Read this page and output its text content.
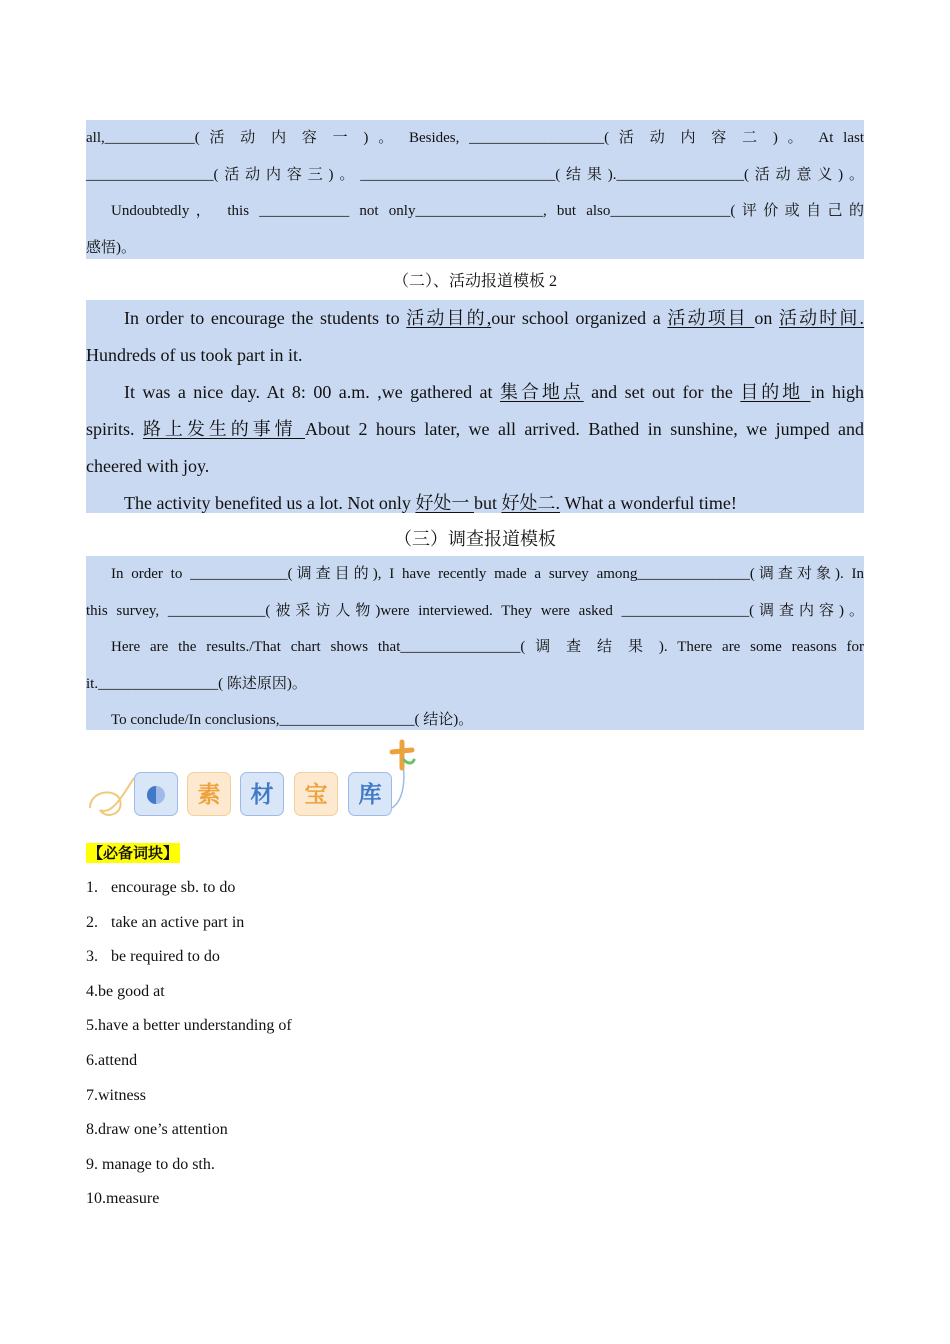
all,____________( 活 动 内 容 一 ) 。 Besides, __________________( 活 动 内 容 二 ) 。 At last

_________________(活动内容三)。__________________________(结果)._________________(活动意义)。

Undoubtedly， this ____________ not only_________________, but also________________(评价或自己的

感悟)。

（二）、活动报道模板 2

In order to encourage the students to 活动目的,our school organized a 活动项目 on 活动时间.

Hundreds of us took part in it.

It was a nice day. At 8: 00 a.m. ,we gathered at 集合地点 and set out for the 目的地 in high

spirits. 路上发生的事情 About 2 hours later, we all arrived. Bathed in sunshine, we jumped and

cheered with joy.

The activity benefited us a lot. Not only 好处一 but 好处二. What a wonderful time!

（三）调查报道模板

In order to _____________(调查目的), I have recently made a survey among_______________(调查对象). In

this survey, _____________(被采访人物)were interviewed. They were asked _________________(调查内容)。

Here are the results./That chart shows that________________( 调 查 结 果 ). There are some reasons for

it.________________( 陈述原因)。

To conclude/In conclusions,__________________( 结论)。

素	材	宝	库
【必备词块】
1. encourage sb. to do
2. take an active part in
3. be required to do
4.be good at
5.have a better understanding of
6.attend
7.witness
8.draw one’s attention
9. manage to do sth.
10.measure
